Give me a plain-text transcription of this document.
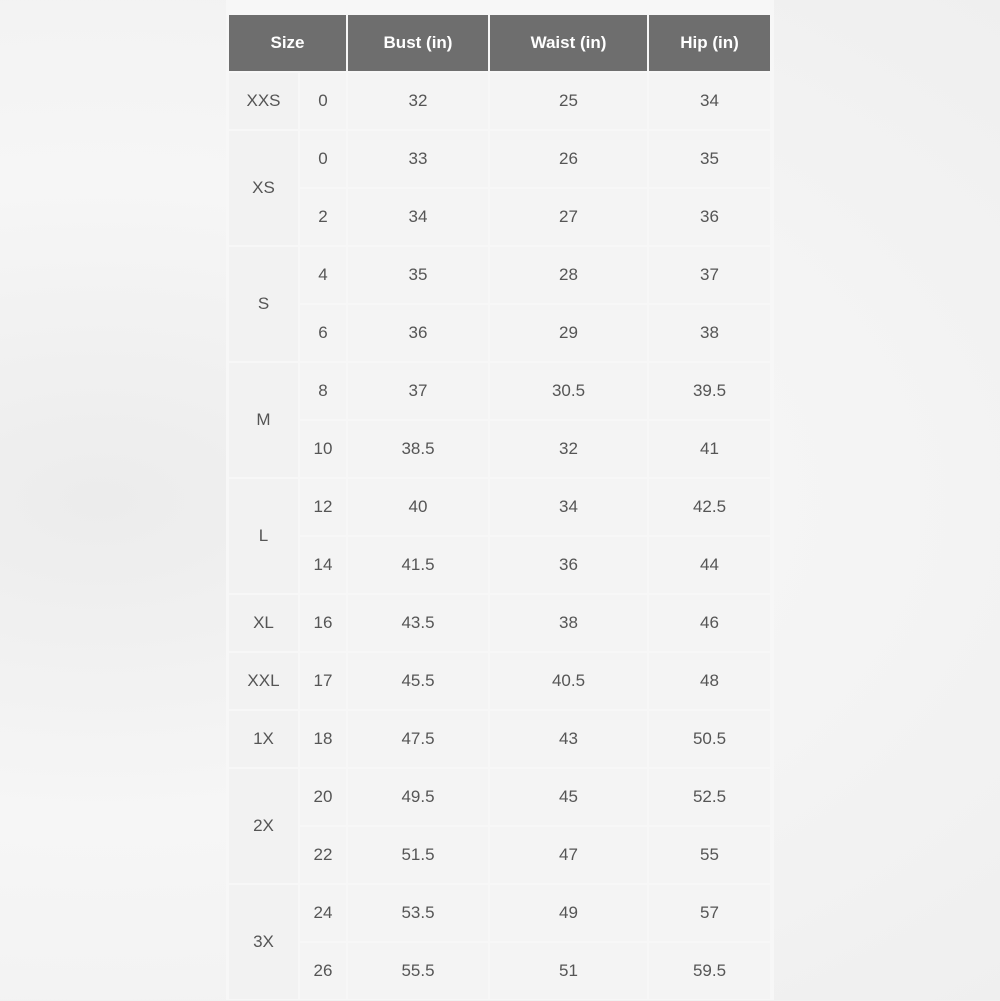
Size		Bust (in)	Waist (in)	Hip (in)
XXS	0	32	25	34
XS	0	33	26	35
	2	34	27	36
S	4	35	28	37
	6	36	29	38
M	8	37	30.5	39.5
	10	38.5	32	41
L	12	40	34	42.5
	14	41.5	36	44
XL	16	43.5	38	46
XXL	17	45.5	40.5	48
1X	18	47.5	43	50.5
2X	20	49.5	45	52.5
	22	51.5	47	55
3X	24	53.5	49	57
	26	55.5	51	59.5
